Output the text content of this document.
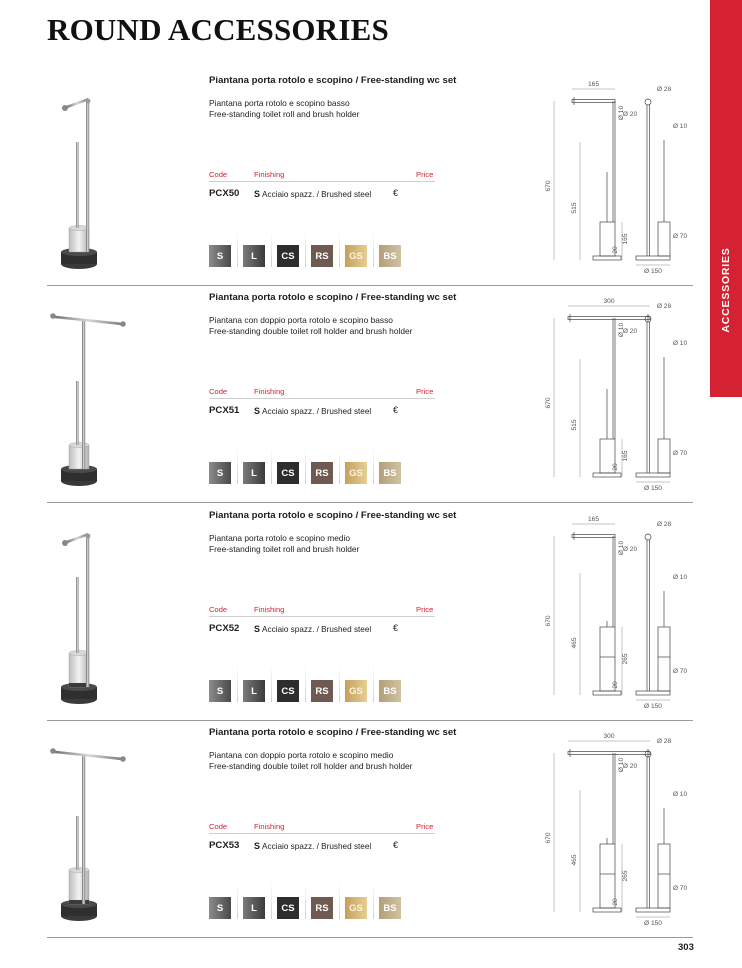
ROUND ACCESSORIES
ACCESSORIES
Piantana porta rotolo e scopino / Free-standing wc set
Piantana porta rotolo e scopino basso
Free-standing toilet roll and brush holder
Code	Finishing	Price
PCX50 S Acciaio spazz. / Brushed steel €
S	L	CS	RS	GS	BS
165
670
515
165
20
Ø 10
Ø 28
Ø 20
Ø 10
Ø 70
Ø 150
Piantana porta rotolo e scopino / Free-standing wc set
Piantana con doppio porta rotolo e scopino basso
Free-standing double toilet roll holder and brush holder
Code	Finishing	Price
PCX51 S Acciaio spazz. / Brushed steel €
S	L	CS	RS	GS	BS
300
670
515
165
20
Ø 10
Ø 28
Ø 20
Ø 10
Ø 70
Ø 150
Piantana porta rotolo e scopino / Free-standing wc set
Piantana porta rotolo e scopino medio
Free-standing toilet roll and brush holder
Code	Finishing	Price
PCX52 S Acciaio spazz. / Brushed steel €
S	L	CS	RS	GS	BS
165
670
465
265
20
Ø 10
Ø 28
Ø 20
Ø 10
Ø 70
Ø 150
Piantana porta rotolo e scopino / Free-standing wc set
Piantana con doppio porta rotolo e scopino medio
Free-standing double toilet roll holder and brush holder
Code	Finishing	Price
PCX53 S Acciaio spazz. / Brushed steel €
S	L	CS	RS	GS	BS
300
670
465
265
20
Ø 10
Ø 28
Ø 20
Ø 10
Ø 70
Ø 150
303
